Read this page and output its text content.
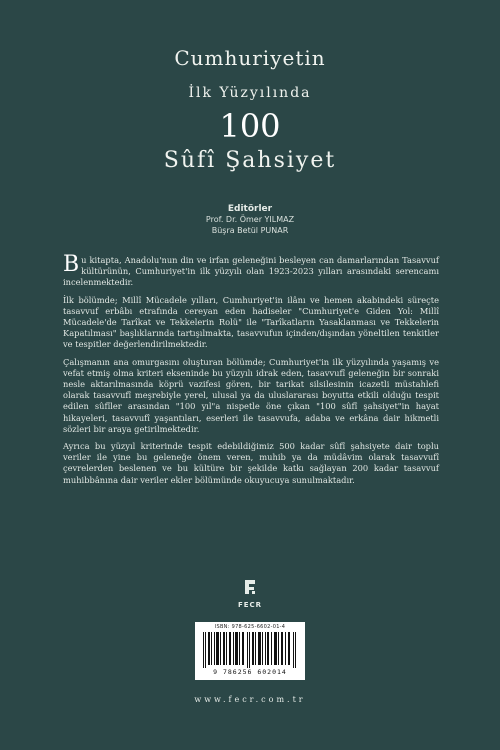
Cumhuriyetin
İlk Yüzyılında
100
Sûfî Şahsiyet
Editörler
Prof. Dr. Ömer YILMAZ
Büşra Betül PUNAR

Bu kitapta, Anadolu'nun din ve irfan geleneğini besleyen can damarlarından Tasavvuf kültürünün, Cumhuriyet'in ilk yüzyılı olan 1923-2023 yılları arasındaki serencamı incelenmektedir.

İlk bölümde; Millî Mücadele yılları, Cumhuriyet'in ilânı ve hemen akabindeki süreçte tasavvuf erbâbı etrafında cereyan eden hadiseler "Cumhuriyet'e Giden Yol: Millî Mücadele'de Tarîkat ve Tekkelerin Rolü" ile "Tarîkatların Yasaklanması ve Tekkelerin Kapatılması" başlıklarında tartışılmakta, tasavvufun içinden/dışından yöneltilen tenkitler ve tespitler değerlendirilmektedir.

Çalışmanın ana omurgasını oluşturan bölümde; Cumhuriyet'in ilk yüzyılında yaşamış ve vefat etmiş olma kriteri ekseninde bu yüzyılı idrak eden, tasavvufî geleneğin bir sonraki nesle aktarılmasında köprü vazifesi gören, bir tarikat silsilesinin icazetli müstahlefi olarak tasavvufî meşrebiyle yerel, ulusal ya da uluslararası boyutta etkili olduğu tespit edilen sûfîler arasından "100 yıl"a nispetle öne çıkan "100 sûfî şahsiyet"in hayat hikayeleri, tasavvufî yaşantıları, eserleri ile tasavvufa, adaba ve erkâna dair hikmetli sözleri bir araya getirilmektedir.

Ayrıca bu yüzyıl kriterinde tespit edebildiğimiz 500 kadar sûfî şahsiyete dair toplu veriler ile yine bu geleneğe önem veren, muhib ya da müdâvim olarak tasavvufî çevrelerden beslenen ve bu kültüre bir şekilde katkı sağlayan 200 kadar tasavvuf muhibbânına dair veriler ekler bölümünde okuyucuya sunulmaktadır.

FECR
ISBN: 978-625-6602-01-4
9 786256 602014
www.fecr.com.tr
